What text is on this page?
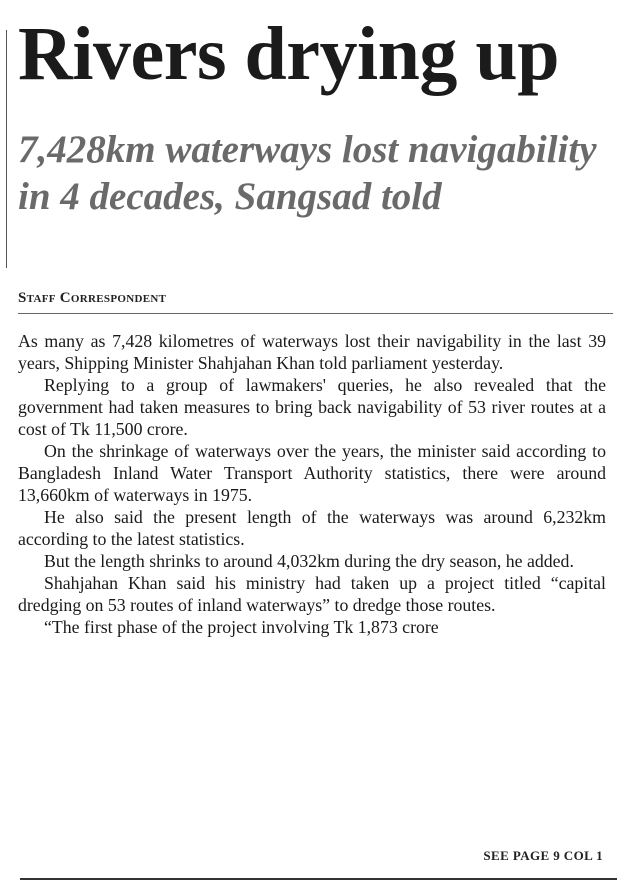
Rivers drying up
7,428km waterways lost navigability in 4 decades, Sangsad told
Staff Correspondent

As many as 7,428 kilometres of waterways lost their navigability in the last 39 years, Shipping Minister Shahjahan Khan told parliament yesterday.

Replying to a group of lawmakers' queries, he also revealed that the government had taken measures to bring back navigability of 53 river routes at a cost of Tk 11,500 crore.

On the shrinkage of waterways over the years, the minister said according to Bangladesh Inland Water Transport Authority statistics, there were around 13,660km of waterways in 1975.

He also said the present length of the waterways was around 6,232km according to the latest statistics.

But the length shrinks to around 4,032km during the dry season, he added.

Shahjahan Khan said his ministry had taken up a project titled “capital dredging on 53 routes of inland waterways” to dredge those routes.

“The first phase of the project involving Tk 1,873 crore

SEE PAGE 9 COL 1
